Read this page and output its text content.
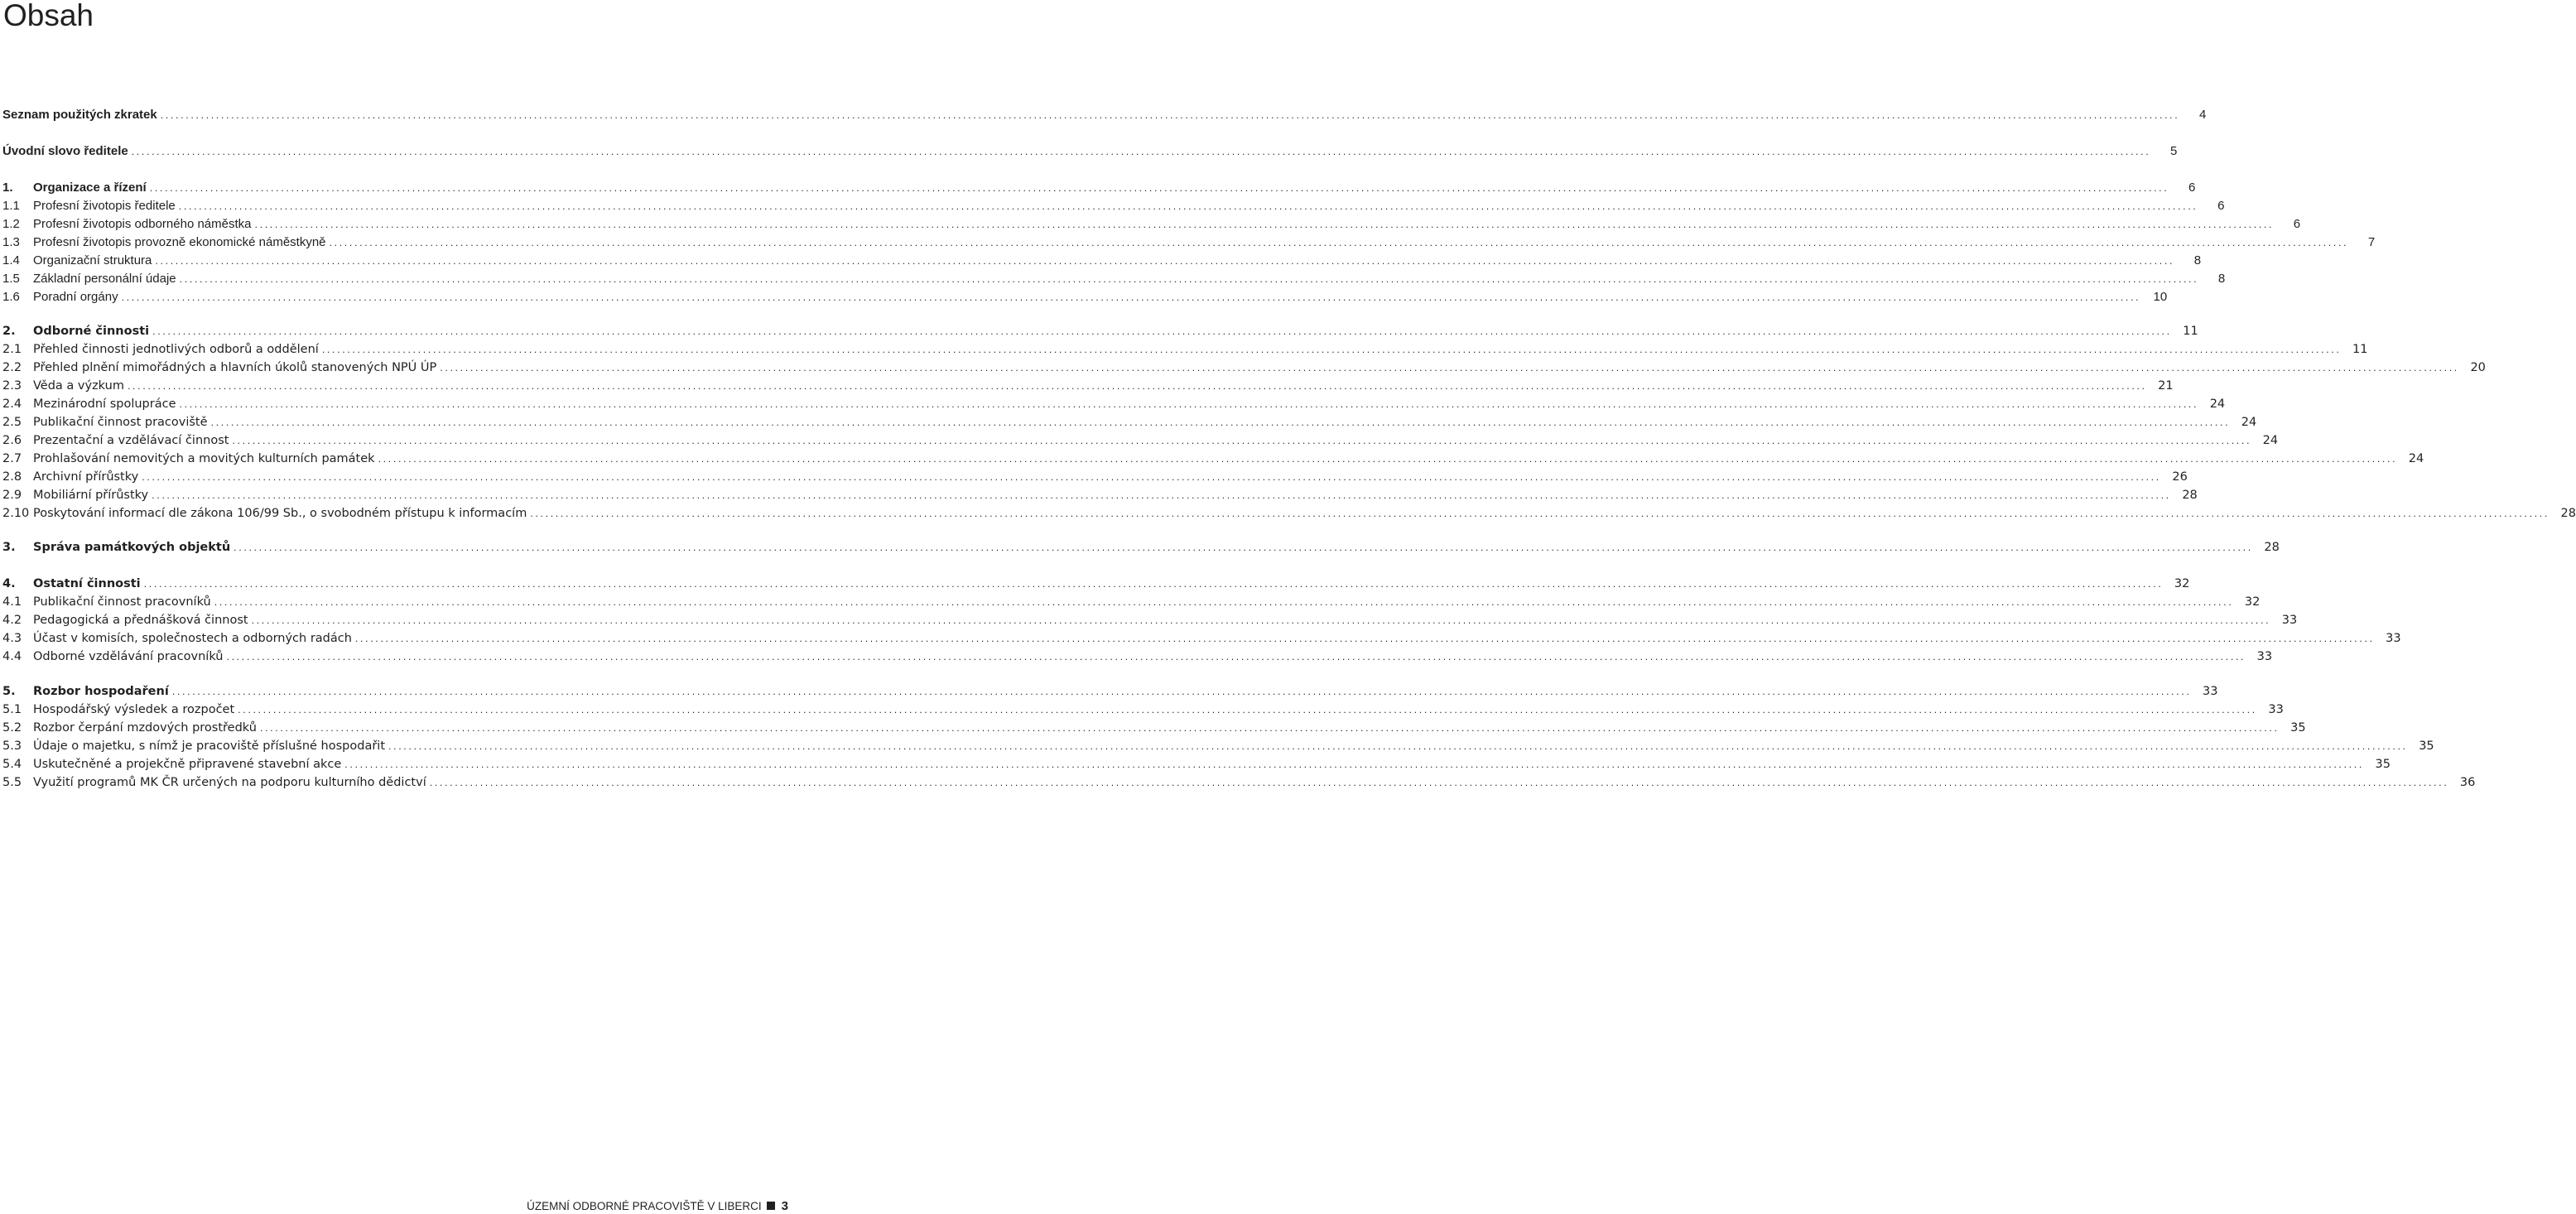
Obsah
Seznam použitých zkratek ................................................................................................................................................................................................................................................................................................................................................................................................................	4
Úvodní slovo ředitele ................................................................................................................................................................................................................................................................................................................................................................................................................	5
1.	Organizace a řízení ................................................................................................................................................................................................................................................................................................................................................................................................................	6
1.1	Profesní životopis ředitele ................................................................................................................................................................................................................................................................................................................................................................................................................	6
1.2	Profesní životopis odborného náměstka ................................................................................................................................................................................................................................................................................................................................................................................................................	6
1.3	Profesní životopis provozně ekonomické náměstkyně ................................................................................................................................................................................................................................................................................................................................................................................................................	7
1.4	Organizační struktura ................................................................................................................................................................................................................................................................................................................................................................................................................	8
1.5	Základní personální údaje ................................................................................................................................................................................................................................................................................................................................................................................................................	8
1.6	Poradní orgány ................................................................................................................................................................................................................................................................................................................................................................................................................	10
2.	Odborné činnosti ................................................................................................................................................................................................................................................................................................................................................................................................................ 11
2.1 Přehled činnosti jednotlivých odborů a oddělení ................................................................................................................................................................................................................................................................................................................................................................................................................ 11
2.2 Přehled plnění mimořádných a hlavních úkolů stanovených NPÚ ÚP ................................................................................................................................................................................................................................................................................................................................................................................................................ 20
2.3 Věda a výzkum ................................................................................................................................................................................................................................................................................................................................................................................................................ 21
2.4 Mezinárodní spolupráce ................................................................................................................................................................................................................................................................................................................................................................................................................ 24
2.5 Publikační činnost pracoviště ................................................................................................................................................................................................................................................................................................................................................................................................................ 24
2.6 Prezentační a vzdělávací činnost ................................................................................................................................................................................................................................................................................................................................................................................................................ 24
2.7 Prohlašování nemovitých a movitých kulturních památek ................................................................................................................................................................................................................................................................................................................................................................................................................ 24
2.8 Archivní přírůstky ................................................................................................................................................................................................................................................................................................................................................................................................................ 26
2.9 Mobiliární přírůstky ................................................................................................................................................................................................................................................................................................................................................................................................................ 28
2.10 Poskytování informací dle zákona 106/99 Sb., o svobodném přístupu k informacím ................................................................................................................................................................................................................................................................................................................................................................................................................ 28
3.	Správa památkových objektů ................................................................................................................................................................................................................................................................................................................................................................................................................ 28
4.	Ostatní činnosti ................................................................................................................................................................................................................................................................................................................................................................................................................ 32
4.1 Publikační činnost pracovníků ................................................................................................................................................................................................................................................................................................................................................................................................................ 32
4.2 Pedagogická a přednášková činnost ................................................................................................................................................................................................................................................................................................................................................................................................................ 33
4.3 Účast v komisích, společnostech a odborných radách ................................................................................................................................................................................................................................................................................................................................................................................................................ 33
4.4 Odborné vzdělávání pracovníků ................................................................................................................................................................................................................................................................................................................................................................................................................ 33
5.	Rozbor hospodaření ................................................................................................................................................................................................................................................................................................................................................................................................................ 33
5.1 Hospodářský výsledek a rozpočet ................................................................................................................................................................................................................................................................................................................................................................................................................ 33
5.2 Rozbor čerpání mzdových prostředků ................................................................................................................................................................................................................................................................................................................................................................................................................ 35
5.3 Údaje o majetku, s nímž je pracoviště příslušné hospodařit ................................................................................................................................................................................................................................................................................................................................................................................................................ 35
5.4 Uskutečněné a projekčně připravené stavební akce ................................................................................................................................................................................................................................................................................................................................................................................................................ 35
5.5 Využití programů MK ČR určených na podporu kulturního dědictví ................................................................................................................................................................................................................................................................................................................................................................................................................ 36
ÚZEMNÍ ODBORNÉ PRACOVIŠTĚ V LIBERCI 3
